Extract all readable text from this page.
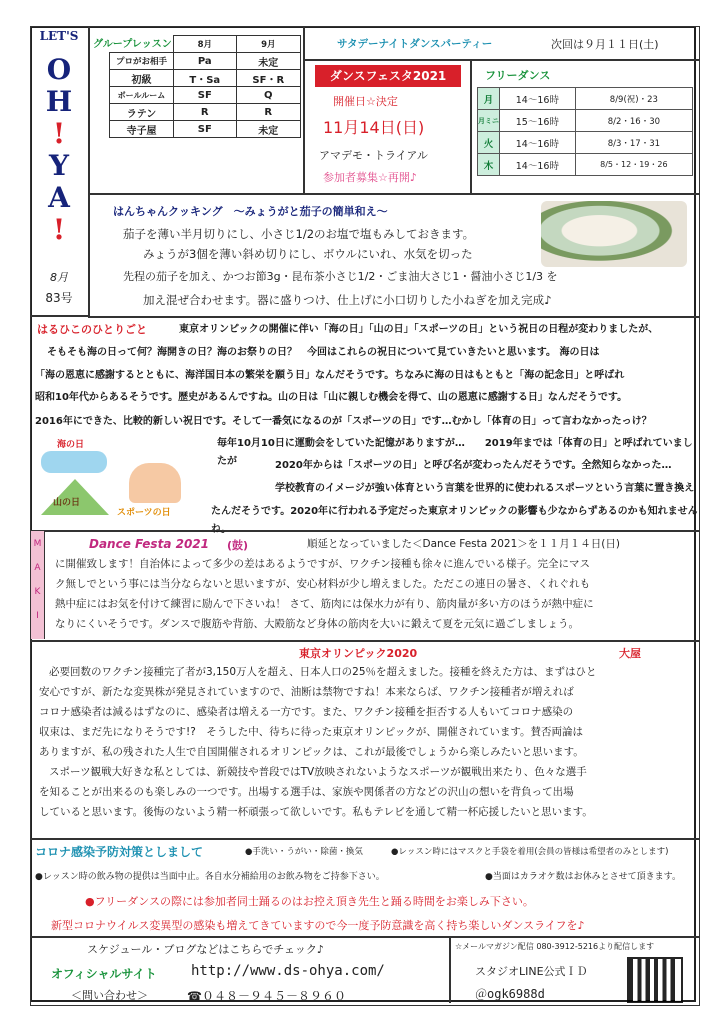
LET'S
O
H
!
Y
A
!
8月
83号
グループレッスン
		8月	9月
プロがお相手	Pa	未定
初級	T・Sa	SF・R
ボールルーム	SF	Q
ラテン	R	R
寺子屋	SF	未定
サタデーナイトダンスパーティー	次回は９月１１日(土)
ダンスフェスタ2021
開催日☆決定
11月14日(日)
アマデモ・トライアル
参加者募集☆再開♪
フリーダンス
月	14～16時	8/9(祝)・23
月ミニ	15～16時	8/2・16・30
火	14～16時	8/3・17・31
木	14～16時	8/5・12・19・26
はんちゃんクッキング　～みょうがと茄子の簡単和え～
茄子を薄い半月切りにし、小さじ1/2のお塩で塩もみしておきます。
みょうが3個を薄い斜め切りにし、ボウルにいれ、水気を切った
先程の茄子を加え、かつお節3g・昆布茶小さじ1/2・ごま油大さじ1・醤油小さじ1/3 を
加え混ぜ合わせます。器に盛りつけ、仕上げに小口切りした小ねぎを加え完成♪
はるひこのひとりごと	東京オリンピックの開催に伴い「海の日」「山の日」「スポーツの日」という祝日の日程が変わりましたが、
そもそも海の日って何？海開きの日？海のお祭りの日？　今回はこれらの祝日について見ていきたいと思います。 海の日は
「海の恩恵に感謝するとともに、海洋国日本の繁栄を願う日」なんだそうです。ちなみに海の日はもともと「海の記念日」と呼ばれ
昭和10年代からあるそうです。歴史があるんですね。山の日は「山に親しむ機会を得て、山の恩恵に感謝する日」なんだそうです。
2016年にできた、比較的新しい祝日です。そして一番気になるのが「スポーツの日」です…むかし「体育の日」って言わなかったっけ？
海の日
山の日
スポーツの日
毎年10月10日に運動会をしていた記憶がありますが…　　2019年までは「体育の日」と呼ばれていましたが	2020年からは「スポーツの日」と呼び名が変わったんだそうです。全然知らなかった…
学校教育のイメージが強い体育という言葉を世界的に使われるスポーツという言葉に置き換え
たんだそうです。2020年に行われる予定だった東京オリンピックの影響も少なからずあるのかも知れませんね。
M
A
K
I
Dance Festa 2021 (鼓)	順延となっていました＜Dance Festa 2021＞を１１月１４日(日)
に開催致します！自治体によって多少の差はあるようですが、ワクチン接種も徐々に進んでいる様子。完全にマス
ク無しでという事には当分ならないと思いますが、安心材料が少し増えました。ただこの連日の暑さ、くれぐれも
熱中症にはお気を付けて練習に励んで下さいね！ さて、筋肉には保水力が有り、筋肉量が多い方のほうが熱中症に
なりにくいそうです。ダンスで腹筋や背筋、大殿筋など身体の筋肉を大いに鍛えて夏を元気に過ごしましょう。
東京オリンピック2020	大屋
必要回数のワクチン接種完了者が3,150万人を超え、日本人口の25％を超えました。接種を終えた方は、まずはひと
安心ですが、新たな変異株が発見されていますので、油断は禁物ですね！本来ならば、ワクチン接種者が増えれば
コロナ感染者は減るはずなのに、感染者は増える一方です。また、ワクチン接種を拒否する人もいてコロナ感染の
収束は、まだ先になりそうです!?　そうした中、待ちに待った東京オリンピックが、開催されています。賛否両論は
ありますが、私の残された人生で自国開催されるオリンピックは、これが最後でしょうから楽しみたいと思います。
スポーツ観戦大好きな私としては、新競技や普段ではTV放映されないようなスポーツが観戦出来たり、色々な選手
を知ることが出来るのも楽しみの一つです。出場する選手は、家族や関係者の方などの沢山の想いを背負って出場
していると思います。後悔のないよう精一杯頑張って欲しいです。私もテレビを通して精一杯応援したいと思います。
コロナ感染予防対策としまして	●手洗い・うがい・除菌・換気	●レッスン時にはマスクと手袋を着用(会員の皆様は希望者のみとします)
●レッスン時の飲み物の提供は当面中止。各自水分補給用のお飲み物をご持参下さい。	●当面はカラオケ数はお休みとさせて頂きます。
●フリーダンスの際には参加者同士踊るのはお控え頂き先生と踊る時間をお楽しみ下さい。
新型コロナウイルス変異型の感染も増えてきていますので今一度予防意識を高く持ち楽しいダンスライフを♪
スケジュール・ブログなどはこちらでチェック♪
オフィシャルサイト http://www.ds-ohya.com/
＜問い合わせ＞	☎０４８－９４５－８９６０
☆メールマガジン配信 080-3912-5216より配信します
スタジオLINE公式ＩＤ
＠ogk6988d
